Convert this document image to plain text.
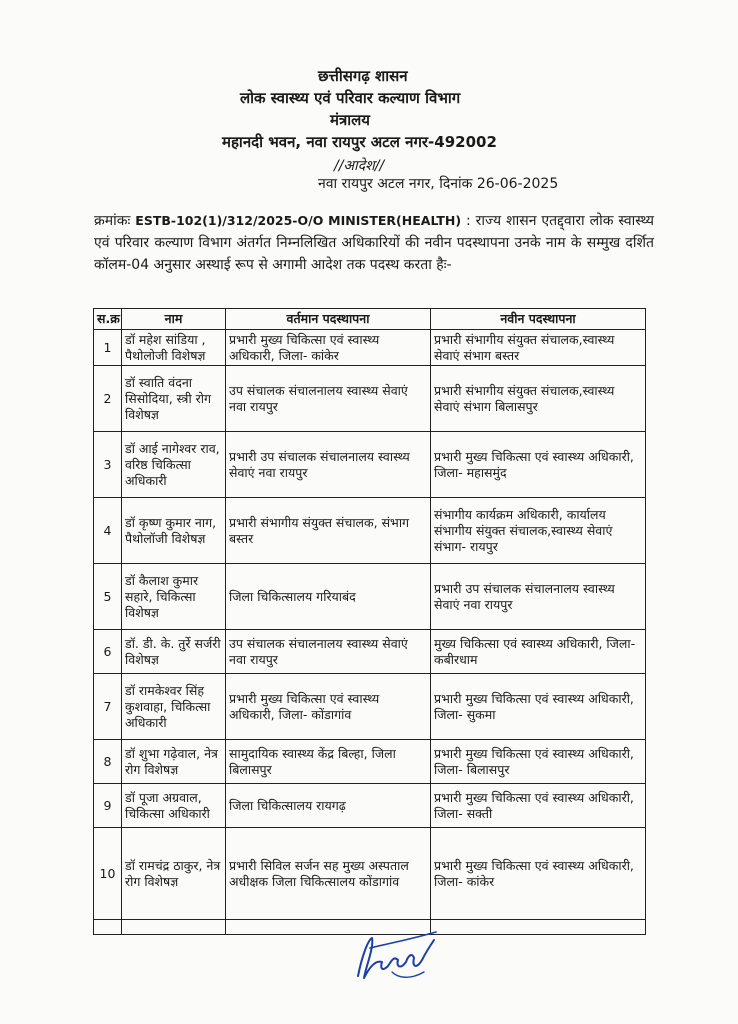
छत्तीसगढ़ शासन
लोक स्वास्थ्य एवं परिवार कल्याण विभाग
मंत्रालय
महानदी भवन, नवा रायपुर अटल नगर-492002
//आदेश//
नवा रायपुर अटल नगर, दिनांक 26-06-2025
क्रमांकः ESTB-102(1)/312/2025-O/O MINISTER(HEALTH) : राज्य शासन एतद्द्वारा लोक स्वास्थ्य एवं परिवार कल्याण विभाग अंतर्गत निम्नलिखित अधिकारियों की नवीन पदस्थापना उनके नाम के सम्मुख दर्शित कॉलम-04 अनुसार अस्थाई रूप से अगामी आदेश तक पदस्थ करता हैः-
स.क्र	नाम	वर्तमान पदस्थापना	नवीन पदस्थापना
1	डॉ महेश सांडिया , पैथोलोजी विशेषज्ञ	प्रभारी मुख्य चिकित्सा एवं स्वास्थ्य अधिकारी, जिला- कांकेर	प्रभारी संभागीय संयुक्त संचालक,स्वास्थ्य सेवाएं संभाग बस्तर
2	डॉ स्वाति वंदना सिसोदिया, स्त्री रोग विशेषज्ञ	उप संचालक संचालनालय स्वास्थ्य सेवाएं नवा रायपुर	प्रभारी संभागीय संयुक्त संचालक,स्वास्थ्य सेवाएं संभाग बिलासपुर
3	डॉ आई नागेश्वर राव, वरिष्ठ चिकित्सा अधिकारी	प्रभारी उप संचालक संचालनालय स्वास्थ्य सेवाएं नवा रायपुर	प्रभारी मुख्य चिकित्सा एवं स्वास्थ्य अधिकारी, जिला- महासमुंद
4	डॉ कृष्ण कुमार नाग, पैथोलॉजी विशेषज्ञ	प्रभारी संभागीय संयुक्त संचालक, संभाग बस्तर	संभागीय कार्यक्रम अधिकारी, कार्यालय संभागीय संयुक्त संचालक,स्वास्थ्य सेवाएं संभाग- रायपुर
5	डॉ कैलाश कुमार सहारे, चिकित्सा विशेषज्ञ	जिला चिकित्सालय गरियाबंद	प्रभारी उप संचालक संचालनालय स्वास्थ्य सेवाएं नवा रायपुर
6	डॉ. डी. के. तुर्रे सर्जरी विशेषज्ञ	उप संचालक संचालनालय स्वास्थ्य सेवाएं नवा रायपुर	मुख्य चिकित्सा एवं स्वास्थ्य अधिकारी, जिला- कबीरधाम
7	डॉ रामकेश्वर सिंह कुशवाहा, चिकित्सा अधिकारी	प्रभारी मुख्य चिकित्सा एवं स्वास्थ्य अधिकारी, जिला- कोंडागांव	प्रभारी मुख्य चिकित्सा एवं स्वास्थ्य अधिकारी, जिला- सुकमा
8	डॉ शुभा गढ़ेवाल, नेत्र रोग विशेषज्ञ	सामुदायिक स्वास्थ्य केंद्र बिल्हा, जिला बिलासपुर	प्रभारी मुख्य चिकित्सा एवं स्वास्थ्य अधिकारी, जिला- बिलासपुर
9	डॉ पूजा अग्रवाल, चिकित्सा अधिकारी	जिला चिकित्सालय रायगढ़	प्रभारी मुख्य चिकित्सा एवं स्वास्थ्य अधिकारी, जिला- सक्ती
10	डॉ रामचंद्र ठाकुर, नेत्र रोग विशेषज्ञ	प्रभारी सिविल सर्जन सह मुख्य अस्पताल अधीक्षक जिला चिकित्सालय कोंडागांव	प्रभारी मुख्य चिकित्सा एवं स्वास्थ्य अधिकारी, जिला- कांकेर
